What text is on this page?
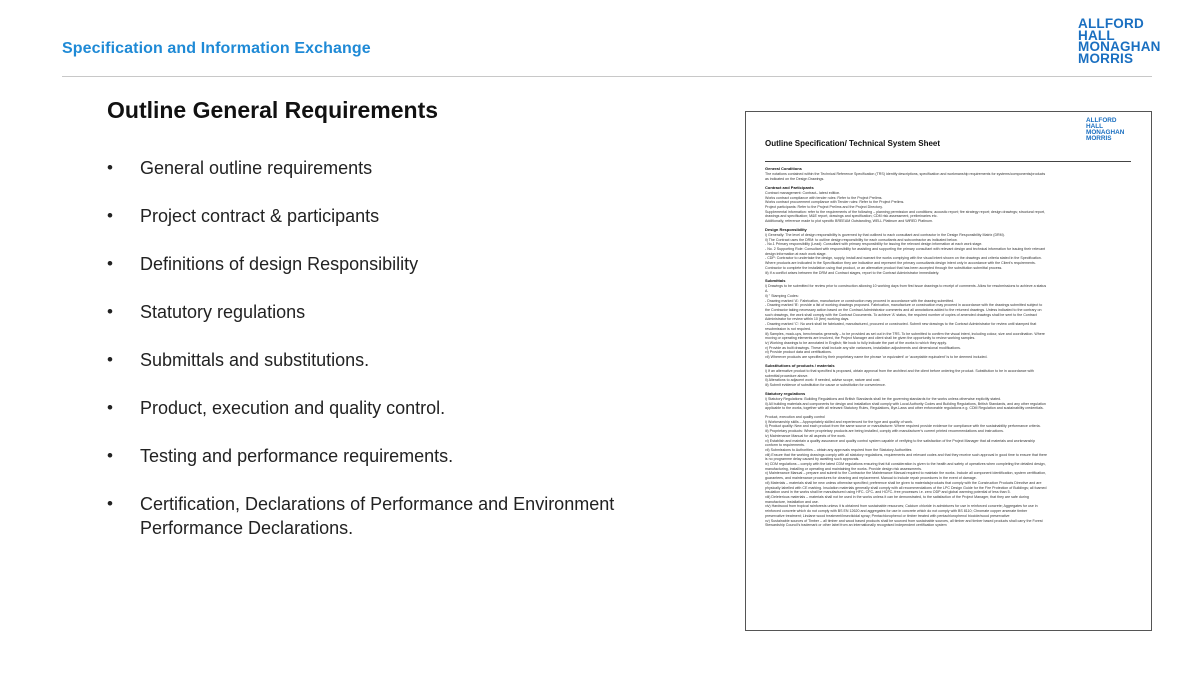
Specification and Information Exchange
ALLFORD
HALL
MONAGHAN
MORRIS
Outline General Requirements
• General outline requirements
• Project contract & participants
• Definitions of design Responsibility
• Statutory regulations
• Submittals and substitutions.
• Product, execution and quality control.
• Testing and performance requirements.
• Certification, Declarations of Performance and Environment Performance Declarations.
ALLFORD
HALL
MONAGHAN
MORRIS
Outline Specification/ Technical System Sheet
General Conditions
The notations contained within the Technical Reference Specification (TRS) identify descriptions, specification and workmanship requirements for systems/components/products
as indicated on the Design Drawings.
Contract and Participants
Contract management: Contract– latest edition.
Works contract compliance with tender rules: Refer to the Project Prelims.
Works contract procurement compliance with Tender rules: Refer to the Project Prelims.
Project participants: Refer to the Project Prelims and the Project Directory.
Supplemental information: refer to the requirements of the following – planning permission and conditions; acoustic report; fire strategy report; design drawings; structural report,
drawings and specification; M&E report, drawings and specification; CDM risk assessment, preliminaries etc.
Additionally, reference made to plot specific BREEAM Outstanding, WELL Platinum and WiRED Platinum.
Design Responsibility
i) Generally: The level of design responsibility is governed by that outlined to each consultant and contractor in the Design Responsibility Matrix (DRM).
ii) The Contract uses the DRM: to outline design responsibility for each consultants and subcontractor as indicated below.
- No.1 Primary responsibility (Lead): Consultant with primary responsibility for issuing the relevant design information at each work stage.
- No. 2 Supporting Role: Consultant with responsibility for assisting and supporting the primary consultant with relevant design and technical information for issuing their relevant
design information at each work stage.
- CDP: Contractor to undertake the design, supply, install and warrant the works complying with the visual intent shown on the drawings and criteria stated in the Specification.
Where products are indicated in the Specification they are indicative and represent the primary consultants design intent only in accordance with the Client's requirements.
Contractor to complete the installation using that product, or an alternative product that has been accepted through the substitution submittal process.
iii) If a conflict arises between the DRM and Contract stages, report to the Contract Administrator immediately.
Submittals
i) Drawings to be submitted for review prior to construction allowing 10 working days from first issue drawings to receipt of comments. Allow for resubmissions to achieve a status
A.
ii) " Stamping Codes:
- Drawing marked 'A': Fabrication, manufacture or construction may proceed in accordance with the drawing submitted.
- Drawing marked 'B': provide a list of working drawings proposed. Fabrication, manufacture or construction may proceed in accordance with the drawings submitted subject to
the Contractor taking necessary action based on the Contract Administrator comments and all annotations added to the returned drawings. Unless indicated to the contrary on
such drawings, the work shall comply with the Contract Documents. To achieve 'A' status, the required number of copies of amended drawings shall be sent to the Contract
Administrator for review within 10 (ten) working days.
- Drawing marked 'C': No work shall be fabricated, manufactured, procured or constructed. Submit new drawings to the Contract Administrator for review until stamped that
resubmission is not required.
iii) Samples, mock-ups, benchmarks generally – to be provided as set out in the TRS. To be submitted to confirm the visual intent, including colour, size and coordination. Where
moving or operating elements are involved, the Project Manager and client shall be given the opportunity to review working samples.
iv) Working drawings to be annotated in English; file book to fully indicate the part of the works to which they apply.
v) Provide as built drawings. These shall include any site variances, installation adjustments and dimensional modifications.
vi) Provide product data and certifications.
vii) Wherever products are specified by their proprietary name the phrase 'or equivalent' or 'acceptable equivalent' is to be deemed included.
Substitutions of products / materials
i) If an alternative product to that specified is proposed, obtain approval from the architect and the client before ordering the product. Substitution to be in accordance with
submittal procedure above.
ii) Alterations to adjacent work: If needed, advise scope, nature and cost.
iii) Submit evidence of substitution for cause or substitution for convenience.
Statutory regulations
i) Statutory Regulations: Building Regulations and British Standards shall be the governing standards for the works unless otherwise explicitly stated.
ii) All building materials and components for design and installation shall comply with Local Authority Codes and Building Regulations, British Standards, and any other regulation
applicable to the works, together with all relevant Statutory Rules, Regulations, Bye-Laws and other enforceable regulations e.g. CDM Regulation and sustainability credentials.
Product, execution and quality control
i) Workmanship skills – Appropriately skilled and experienced for the type and quality of work.
ii) Product quality: New and each product from the same source or manufacturer. Where required provide evidence for compliance with the sustainability performance criteria.
iii) Proprietary products: Where proprietary products are being installed, comply with manufacturer's current printed recommendations and instructions.
iv) Maintenance Manual for all aspects of the work.
vi) Establish and maintain a quality assurance and quality control system capable of verifying to the satisfaction of the Project Manager that all materials and workmanship
conform to requirements.
vii) Submissions to Authorities – obtain any approvals required from the Statutory Authorities
viii) Ensure that the working drawings comply with all statutory regulations, requirements and relevant codes and that they receive such approval in good time to ensure that there
is no programme delay caused by awaiting such approvals.
ix) CDM regulations – comply with the latest CDM regulations ensuring that full consideration is given to the health and safety of operatives when completing the detailed design,
manufacturing, installing or operating and maintaining the works. Provide design risk assessments.
x) Maintenance Manual – prepare and submit to the Contractor the Maintenance Manual required to maintain the works. Include all component identification, system certification,
guarantees, and maintenance procedures for cleaning and replacement. Manual to include repair procedures in the event of damage.
xii) Materials – materials shall be new unless otherwise specified; preference shall be given to materials/products that comply with the Construction Products Directive and are
physically labelled with CE marking. Insulation materials generally shall comply with all recommendations of the LPC Design Guide for the Fire Protection of Buildings; all foamed
insulation used in the works shall be manufactured using HFC- CFC- and HCFC- free processes i.e. zero ODP and global warming potential of less than 5.
xiii) Deleterious materials – materials shall not be used in the works unless it can be demonstrated, to the satisfaction of the Project Manager, that they are safe during
manufacture, installation and use.
xiv) Hardwood from tropical rainforests unless it is obtained from sustainable resources; Calcium chloride in admixtures for use in reinforced concrete; Aggregates for use in
reinforced concrete which do not comply with BS EN 12620 and aggregates for use in concrete which do not comply with BS 8110; Chromate copper arsenate timber
preservative treatment; Lindane wood treatment/insecticidal spray; Pentachlorophenol or timber treated with pentachlorophenol biocide/wood preservative
xv) Sustainable sources of Timber – all timber and wood based products shall be sourced from sustainable sources, all timber and timber based products shall carry the Forest
Stewardship Council's trademark or other label from an internationally recognised independent certification system
